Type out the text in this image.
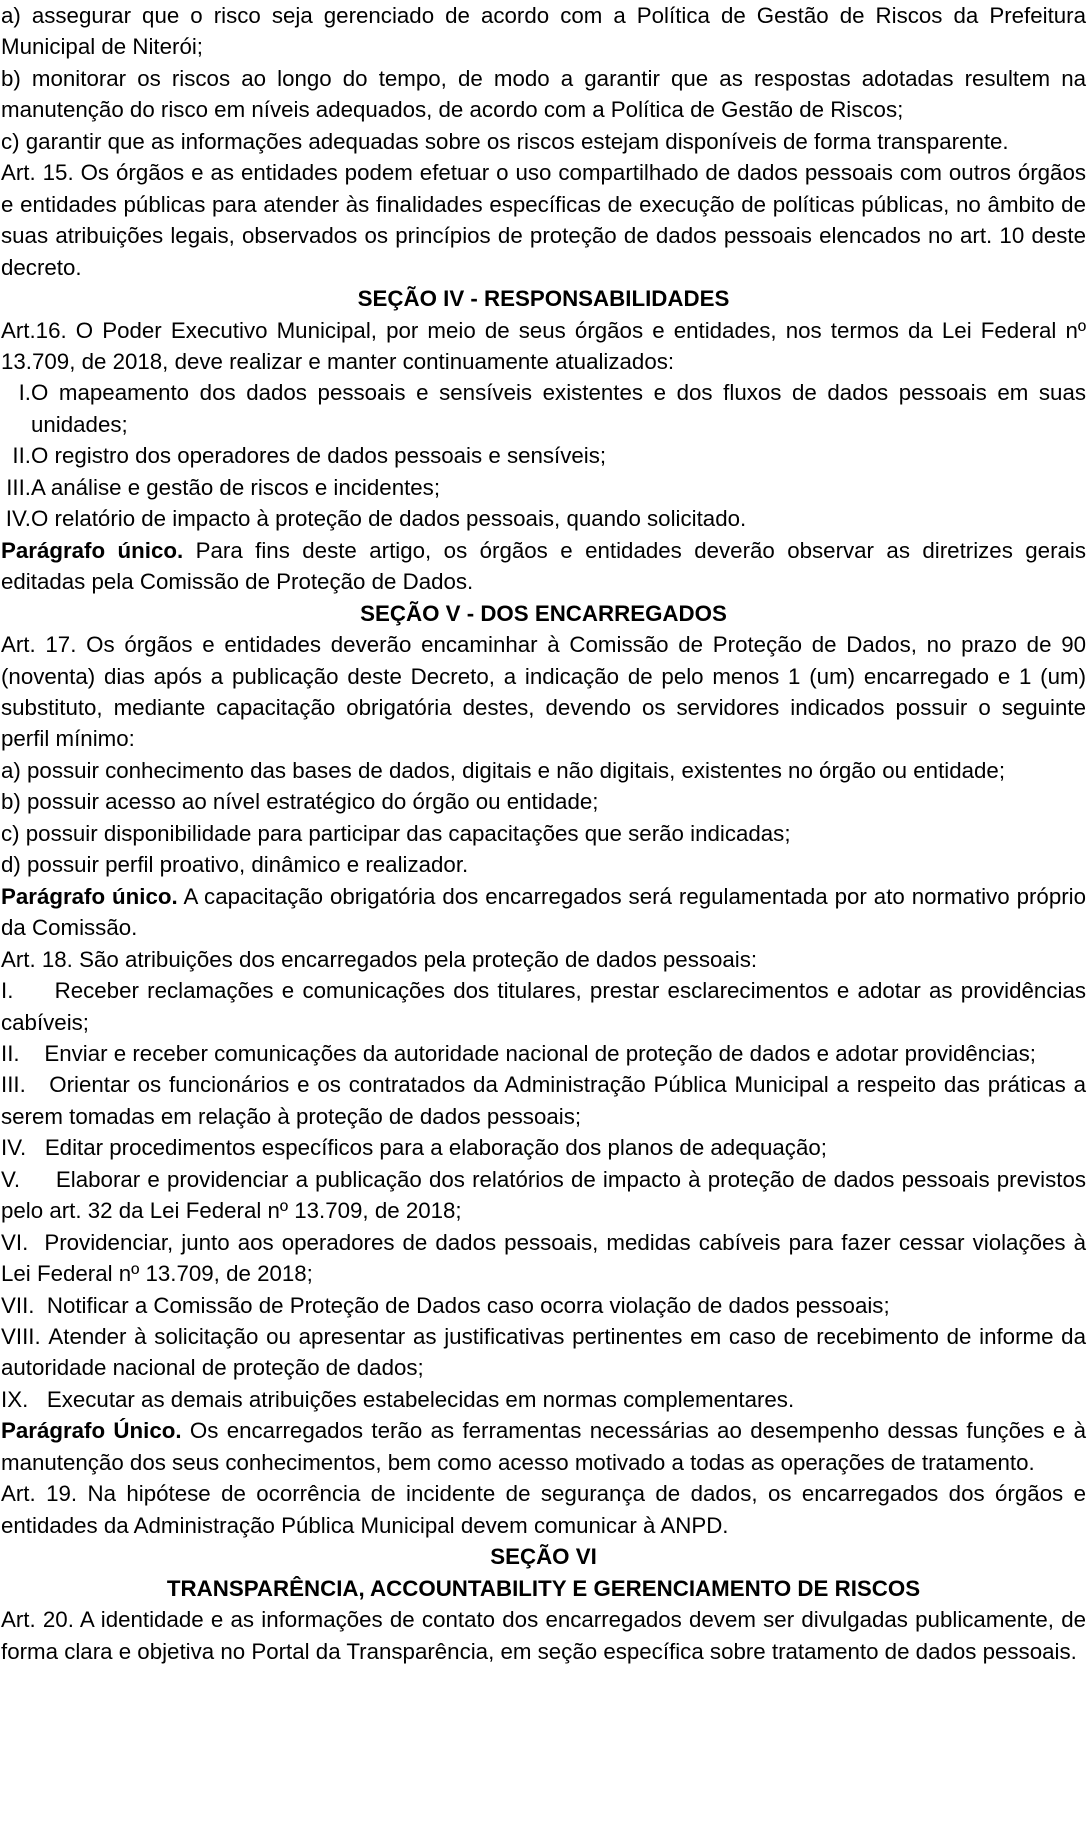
a) assegurar que o risco seja gerenciado de acordo com a Política de Gestão de Riscos da Prefeitura Municipal de Niterói;

b) monitorar os riscos ao longo do tempo, de modo a garantir que as respostas adotadas resultem na manutenção do risco em níveis adequados, de acordo com a Política de Gestão de Riscos;

c) garantir que as informações adequadas sobre os riscos estejam disponíveis de forma transparente.

Art. 15. Os órgãos e as entidades podem efetuar o uso compartilhado de dados pessoais com outros órgãos e entidades públicas para atender às finalidades específicas de execução de políticas públicas, no âmbito de suas atribuições legais, observados os princípios de proteção de dados pessoais elencados no art. 10 deste decreto.

SEÇÃO IV - RESPONSABILIDADES

Art.16. O Poder Executivo Municipal, por meio de seus órgãos e entidades, nos termos da Lei Federal nº 13.709, de 2018, deve realizar e manter continuamente atualizados:

I. O mapeamento dos dados pessoais e sensíveis existentes e dos fluxos de dados pessoais em suas unidades;
II. O registro dos operadores de dados pessoais e sensíveis;
III. A análise e gestão de riscos e incidentes;
IV. O relatório de impacto à proteção de dados pessoais, quando solicitado.

Parágrafo único. Para fins deste artigo, os órgãos e entidades deverão observar as diretrizes gerais editadas pela Comissão de Proteção de Dados.

SEÇÃO V - DOS ENCARREGADOS

Art. 17. Os órgãos e entidades deverão encaminhar à Comissão de Proteção de Dados, no prazo de 90 (noventa) dias após a publicação deste Decreto, a indicação de pelo menos 1 (um) encarregado e 1 (um) substituto, mediante capacitação obrigatória destes, devendo os servidores indicados possuir o seguinte perfil mínimo:

a) possuir conhecimento das bases de dados, digitais e não digitais, existentes no órgão ou entidade;

b) possuir acesso ao nível estratégico do órgão ou entidade;

c) possuir disponibilidade para participar das capacitações que serão indicadas;

d) possuir perfil proativo, dinâmico e realizador.

Parágrafo único. A capacitação obrigatória dos encarregados será regulamentada por ato normativo próprio da Comissão.

Art. 18. São atribuições dos encarregados pela proteção de dados pessoais:

I. Receber reclamações e comunicações dos titulares, prestar esclarecimentos e adotar as providências cabíveis;
II. Enviar e receber comunicações da autoridade nacional de proteção de dados e adotar providências;
III. Orientar os funcionários e os contratados da Administração Pública Municipal a respeito das práticas a serem tomadas em relação à proteção de dados pessoais;
IV. Editar procedimentos específicos para a elaboração dos planos de adequação;
V. Elaborar e providenciar a publicação dos relatórios de impacto à proteção de dados pessoais previstos pelo art. 32 da Lei Federal nº 13.709, de 2018;
VI. Providenciar, junto aos operadores de dados pessoais, medidas cabíveis para fazer cessar violações à Lei Federal nº 13.709, de 2018;
VII. Notificar a Comissão de Proteção de Dados caso ocorra violação de dados pessoais;
VIII. Atender à solicitação ou apresentar as justificativas pertinentes em caso de recebimento de informe da autoridade nacional de proteção de dados;
IX. Executar as demais atribuições estabelecidas em normas complementares.

Parágrafo Único. Os encarregados terão as ferramentas necessárias ao desempenho dessas funções e à manutenção dos seus conhecimentos, bem como acesso motivado a todas as operações de tratamento.

Art. 19. Na hipótese de ocorrência de incidente de segurança de dados, os encarregados dos órgãos e entidades da Administração Pública Municipal devem comunicar à ANPD.

SEÇÃO VI

TRANSPARÊNCIA, ACCOUNTABILITY E GERENCIAMENTO DE RISCOS

Art. 20. A identidade e as informações de contato dos encarregados devem ser divulgadas publicamente, de forma clara e objetiva no Portal da Transparência, em seção específica sobre tratamento de dados pessoais.
